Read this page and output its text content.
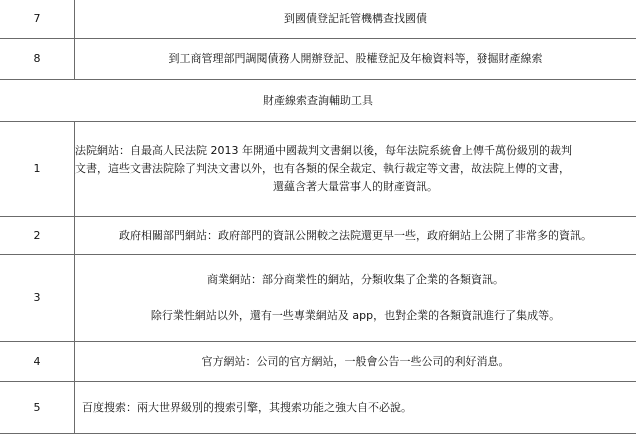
7	到國債登記託管機構查找國債
8	到工商管理部門調閱債務人開辦登記、股權登記及年檢資料等，發掘財產線索
財產線索查詢輔助工具	
1	法院網站：自最高人民法院 2013 年開通中國裁判文書網以後，每年法院系統會上傳千萬份級別的裁判
文書，這些文書法院除了判決文書以外，也有各類的保全裁定、執行裁定等文書，故法院上傳的文書，
還蘊含著大量當事人的財產資訊。

2	政府相關部門網站：政府部門的資訊公開較之法院還更早一些，政府網站上公開了非常多的資訊。
3	商業網站：部分商業性的網站，分類收集了企業的各類資訊。
除行業性網站以外，還有一些專業網站及 app，也對企業的各類資訊進行了集成等。

4	官方網站：公司的官方網站，一般會公告一些公司的利好消息。
5	百度搜索：兩大世界級別的搜索引擎，其搜索功能之強大自不必說。
